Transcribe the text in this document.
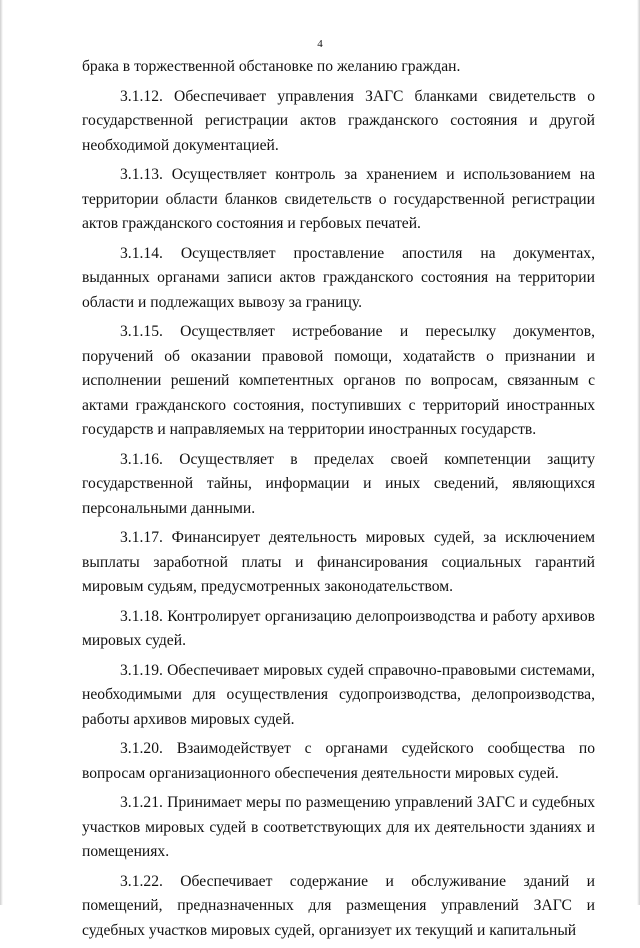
4

брака в торжественной обстановке по желанию граждан.

3.1.12. Обеспечивает управления ЗАГС бланками свидетельств о государственной регистрации актов гражданского состояния и другой необходимой документацией.

3.1.13. Осуществляет контроль за хранением и использованием на территории области бланков свидетельств о государственной регистрации актов гражданского состояния и гербовых печатей.

3.1.14. Осуществляет проставление апостиля на документах, выданных органами записи актов гражданского состояния на территории области и подлежащих вывозу за границу.

3.1.15. Осуществляет истребование и пересылку документов, поручений об оказании правовой помощи, ходатайств о признании и исполнении решений компетентных органов по вопросам, связанным с актами гражданского состояния, поступивших с территорий иностранных государств и направляемых на территории иностранных государств.

3.1.16. Осуществляет в пределах своей компетенции защиту государственной тайны, информации и иных сведений, являющихся персональными данными.

3.1.17. Финансирует деятельность мировых судей, за исключением выплаты заработной платы и финансирования социальных гарантий мировым судьям, предусмотренных законодательством.

3.1.18. Контролирует организацию делопроизводства и работу архивов мировых судей.

3.1.19. Обеспечивает мировых судей справочно-правовыми системами, необходимыми для осуществления судопроизводства, делопроизводства, работы архивов мировых судей.

3.1.20. Взаимодействует с органами судейского сообщества по вопросам организационного обеспечения деятельности мировых судей.

3.1.21. Принимает меры по размещению управлений ЗАГС и судебных участков мировых судей в соответствующих для их деятельности зданиях и помещениях.

3.1.22. Обеспечивает содержание и обслуживание зданий и помещений, предназначенных для размещения управлений ЗАГС и судебных участков мировых судей, организует их текущий и капитальный
